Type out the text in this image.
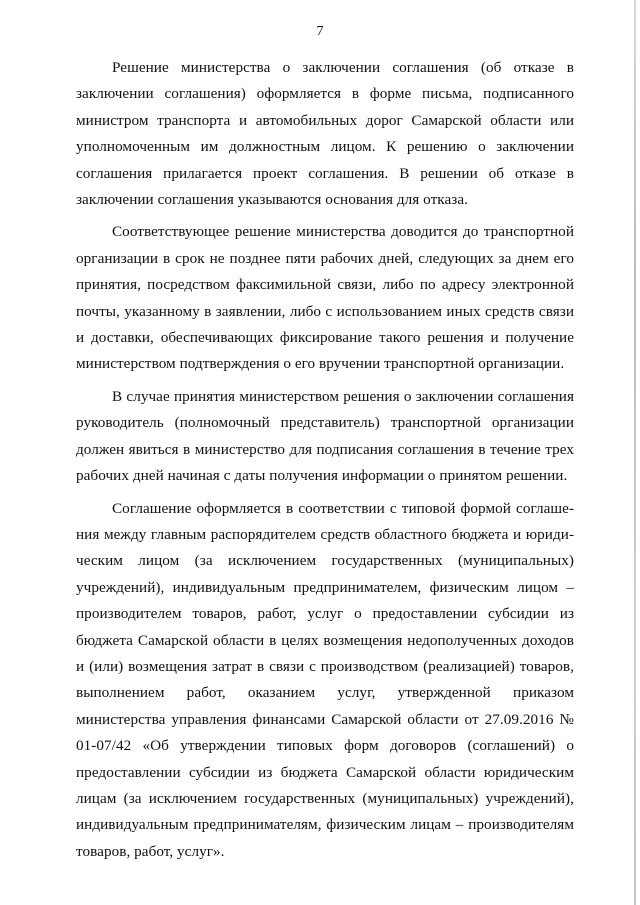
7

Решение министерства о заключении соглашения (об отказе в заключении соглашения) оформляется в форме письма, подписанного министром транспорта и автомобильных дорог Самарской области или уполномоченным им должностным лицом. К решению о заключении соглашения прилагается проект соглашения. В решении об отказе в заключении соглашения указываются основания для отказа.

Соответствующее решение министерства доводится до транспортной организации в срок не позднее пяти рабочих дней, следующих за днем его принятия, посредством факсимильной связи, либо по адресу электронной почты, указанному в заявлении, либо с использованием иных средств связи и доставки, обеспечивающих фиксирование такого решения и получение министерством подтверждения о его вручении транспортной организации.

В случае принятия министерством решения о заключении соглашения руководитель (полномочный представитель) транспортной организации должен явиться в министерство для подписания соглашения в течение трех рабочих дней начиная с даты получения информации о принятом решении.

Соглашение оформляется в соответствии с типовой формой соглашения между главным распорядителем средств областного бюджета и юридическим лицом (за исключением государственных (муниципальных) учреждений), индивидуальным предпринимателем, физическим лицом – производителем товаров, работ, услуг о предоставлении субсидии из бюджета Самарской области в целях возмещения недополученных доходов и (или) возмещения затрат в связи с производством (реализацией) товаров, выполнением работ, оказанием услуг, утвержденной приказом министерства управления финансами Самарской области от 27.09.2016 № 01-07/42 «Об утверждении типовых форм договоров (соглашений) о предоставлении субсидии из бюджета Самарской области юридическим лицам (за исключением государственных (муниципальных) учреждений), индивидуальным предпринимателям, физическим лицам – производителям товаров, работ, услуг».
